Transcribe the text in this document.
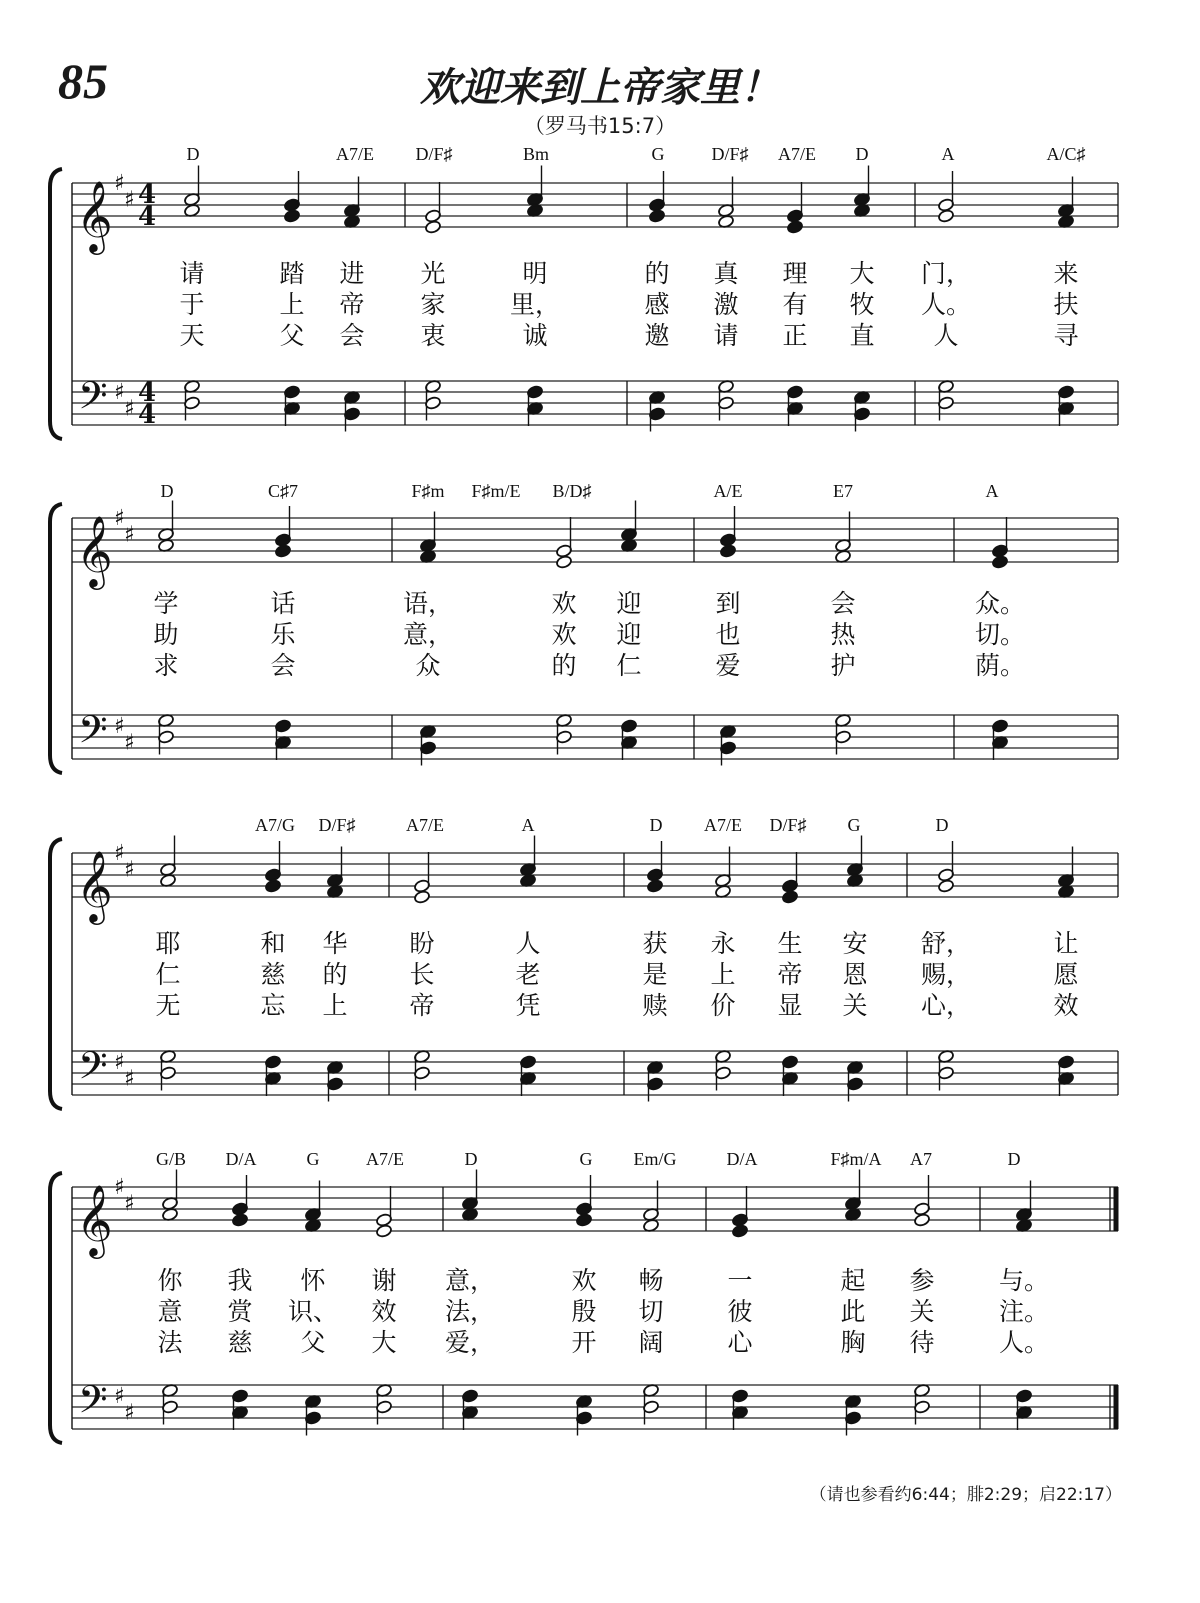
85	欢迎来到上帝家里！
（罗马书15:7）
𝄞
𝄢
♯
♯
♯
♯
4
4
4
4
D	A7/E D/F♯	Bm	G	D/F♯ A7/E D	A	A/C♯
请	踏 进 光	明	的 真 理 大 门，	来
于	上 帝 家	里，	感 激 有 牧 人。	扶
天	父 会 衷	诚	邀 请 正 直 人	寻
𝄞
𝄢
♯
♯
♯
♯
D	C♯7	F♯m F♯m/E B/D♯	A/E	E7	A
学	话	语，	欢 迎	到	会	众。
助	乐	意，	欢 迎	也	热	切。
求	会	众	的 仁	爱	护	荫。
𝄞
𝄢
♯
♯
♯
♯
A7/G D/F♯	A7/E	A	D A7/E D/F♯ G	D
耶	和 华 盼	人	获 永 生 安 舒，	让
仁	慈 的 长	老	是 上 帝 恩 赐，	愿
无	忘 上 帝	凭	赎 价 显 关 心，	效
𝄞
𝄢
♯
♯
♯
♯
G/B D/A	G	A7/E	D	G Em/G	D/A	F♯m/A A7	D
你 我 怀 谢 意，	欢 畅	一	起 参	与。
意 赏 识、 效 法，	殷 切	彼	此 关	注。
法 慈 父 大 爱，	开 阔	心	胸 待	人。
（请也参看约6:44；腓2:29；启22:17）
